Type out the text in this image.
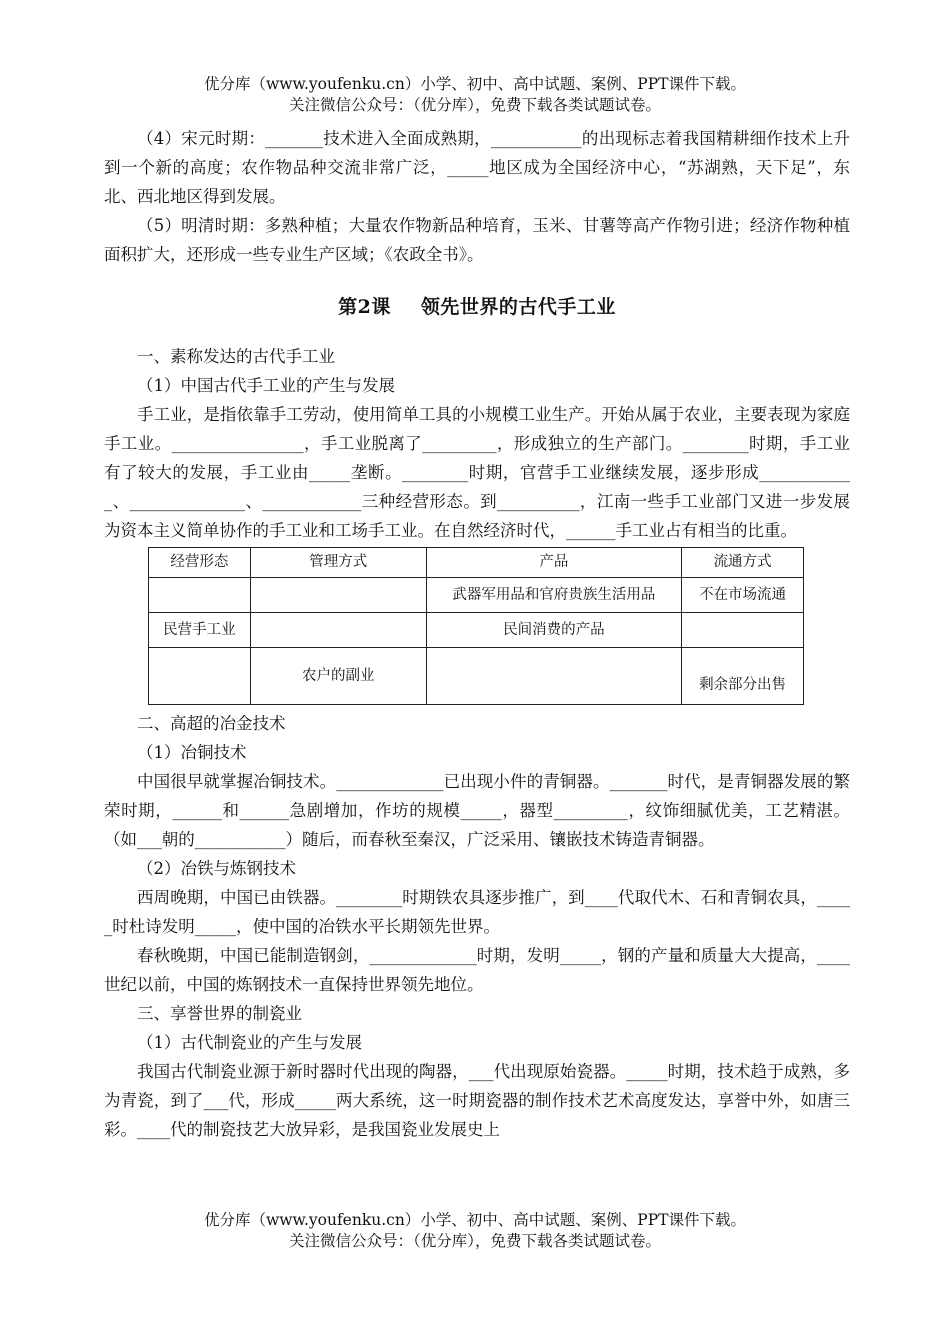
优分库（www.youfenku.cn）小学、初中、高中试题、案例、PPT课件下载。
关注微信公众号：（优分库），免费下载各类试题试卷。

（4）宋元时期：_______技术进入全面成熟期，___________的出现标志着我国精耕细作技术上升到一个新的高度；农作物品种交流非常广泛，_____地区成为全国经济中心，“苏湖熟，天下足”，东北、西北地区得到发展。

（5）明清时期：多熟种植；大量农作物新品种培育，玉米、甘薯等高产作物引进；经济作物种植面积扩大，还形成一些专业生产区域；《农政全书》。

第2课 领先世界的古代手工业

一、素称发达的古代手工业

（1）中国古代手工业的产生与发展

手工业，是指依靠手工劳动，使用简单工具的小规模工业生产。开始从属于农业，主要表现为家庭手工业。________________，手工业脱离了_________，形成独立的生产部门。________时期，手工业有了较大的发展，手工业由_____垄断。________时期，官营手工业继续发展，逐步形成____________、______________、____________三种经营形态。到__________，江南一些手工业部门又进一步发展为资本主义简单协作的手工业和工场手工业。在自然经济时代，______手工业占有相当的比重。

经营形态	管理方式	产品	流通方式
		武器军用品和官府贵族生活用品	不在市场流通
民营手工业		民间消费的产品	
	农户的副业		剩余部分出售

二、高超的冶金技术

（1）冶铜技术

中国很早就掌握冶铜技术。_____________已出现小件的青铜器。_______时代，是青铜器发展的繁荣时期，______和______急剧增加，作坊的规模_____，器型_________，纹饰细腻优美，工艺精湛。（如___朝的___________）随后，而春秋至秦汉，广泛采用、镶嵌技术铸造青铜器。

（2）冶铁与炼钢技术

西周晚期，中国已由铁器。________时期铁农具逐步推广，到____代取代木、石和青铜农具，_____时杜诗发明_____，使中国的冶铁水平长期领先世界。

春秋晚期，中国已能制造钢剑，_____________时期，发明_____，钢的产量和质量大大提高，____世纪以前，中国的炼钢技术一直保持世界领先地位。

三、享誉世界的制瓷业

（1）古代制瓷业的产生与发展

我国古代制瓷业源于新时器时代出现的陶器，___代出现原始瓷器。_____时期，技术趋于成熟，多为青瓷，到了___代，形成_____两大系统，这一时期瓷器的制作技术艺术高度发达，享誉中外，如唐三彩。____代的制瓷技艺大放异彩，是我国瓷业发展史上

优分库（www.youfenku.cn）小学、初中、高中试题、案例、PPT课件下载。
关注微信公众号：（优分库），免费下载各类试题试卷。
